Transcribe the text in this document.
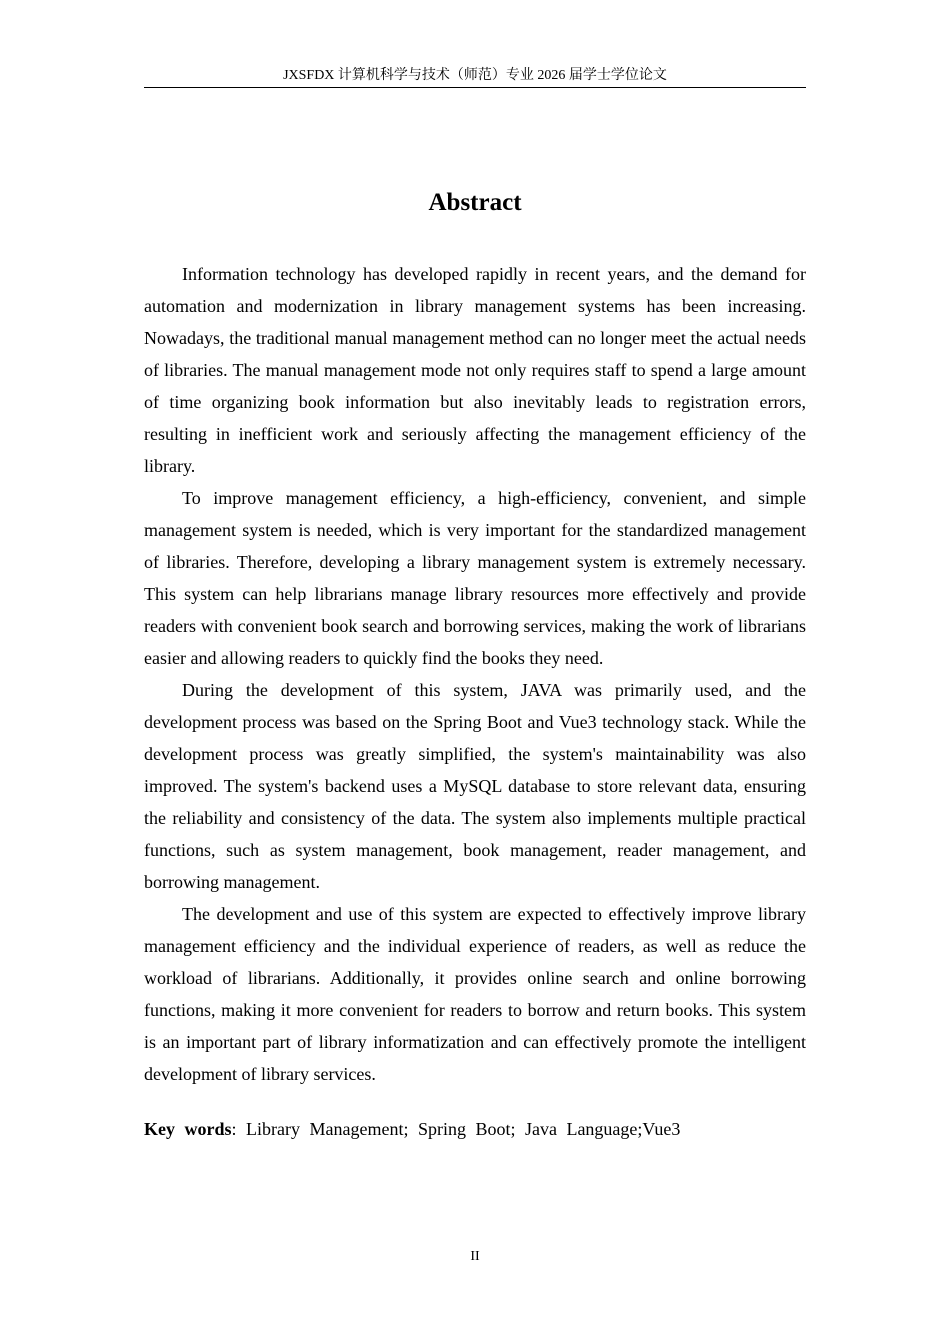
JXSFDX 计算机科学与技术（师范）专业 2026 届学士学位论文
Abstract

Information technology has developed rapidly in recent years, and the demand for automation and modernization in library management systems has been increasing. Nowadays, the traditional manual management method can no longer meet the actual needs of libraries. The manual management mode not only requires staff to spend a large amount of time organizing book information but also inevitably leads to registration errors, resulting in inefficient work and seriously affecting the management efficiency of the library.

To improve management efficiency, a high-efficiency, convenient, and simple management system is needed, which is very important for the standardized management of libraries. Therefore, developing a library management system is extremely necessary. This system can help librarians manage library resources more effectively and provide readers with convenient book search and borrowing services, making the work of librarians easier and allowing readers to quickly find the books they need.

During the development of this system, JAVA was primarily used, and the development process was based on the Spring Boot and Vue3 technology stack. While the development process was greatly simplified, the system's maintainability was also improved. The system's backend uses a MySQL database to store relevant data, ensuring the reliability and consistency of the data. The system also implements multiple practical functions, such as system management, book management, reader management, and borrowing management.

The development and use of this system are expected to effectively improve library management efficiency and the individual experience of readers, as well as reduce the workload of librarians. Additionally, it provides online search and online borrowing functions, making it more convenient for readers to borrow and return books. This system is an important part of library informatization and can effectively promote the intelligent development of library services.

Key words: Library Management; Spring Boot; Java Language;Vue3
II
